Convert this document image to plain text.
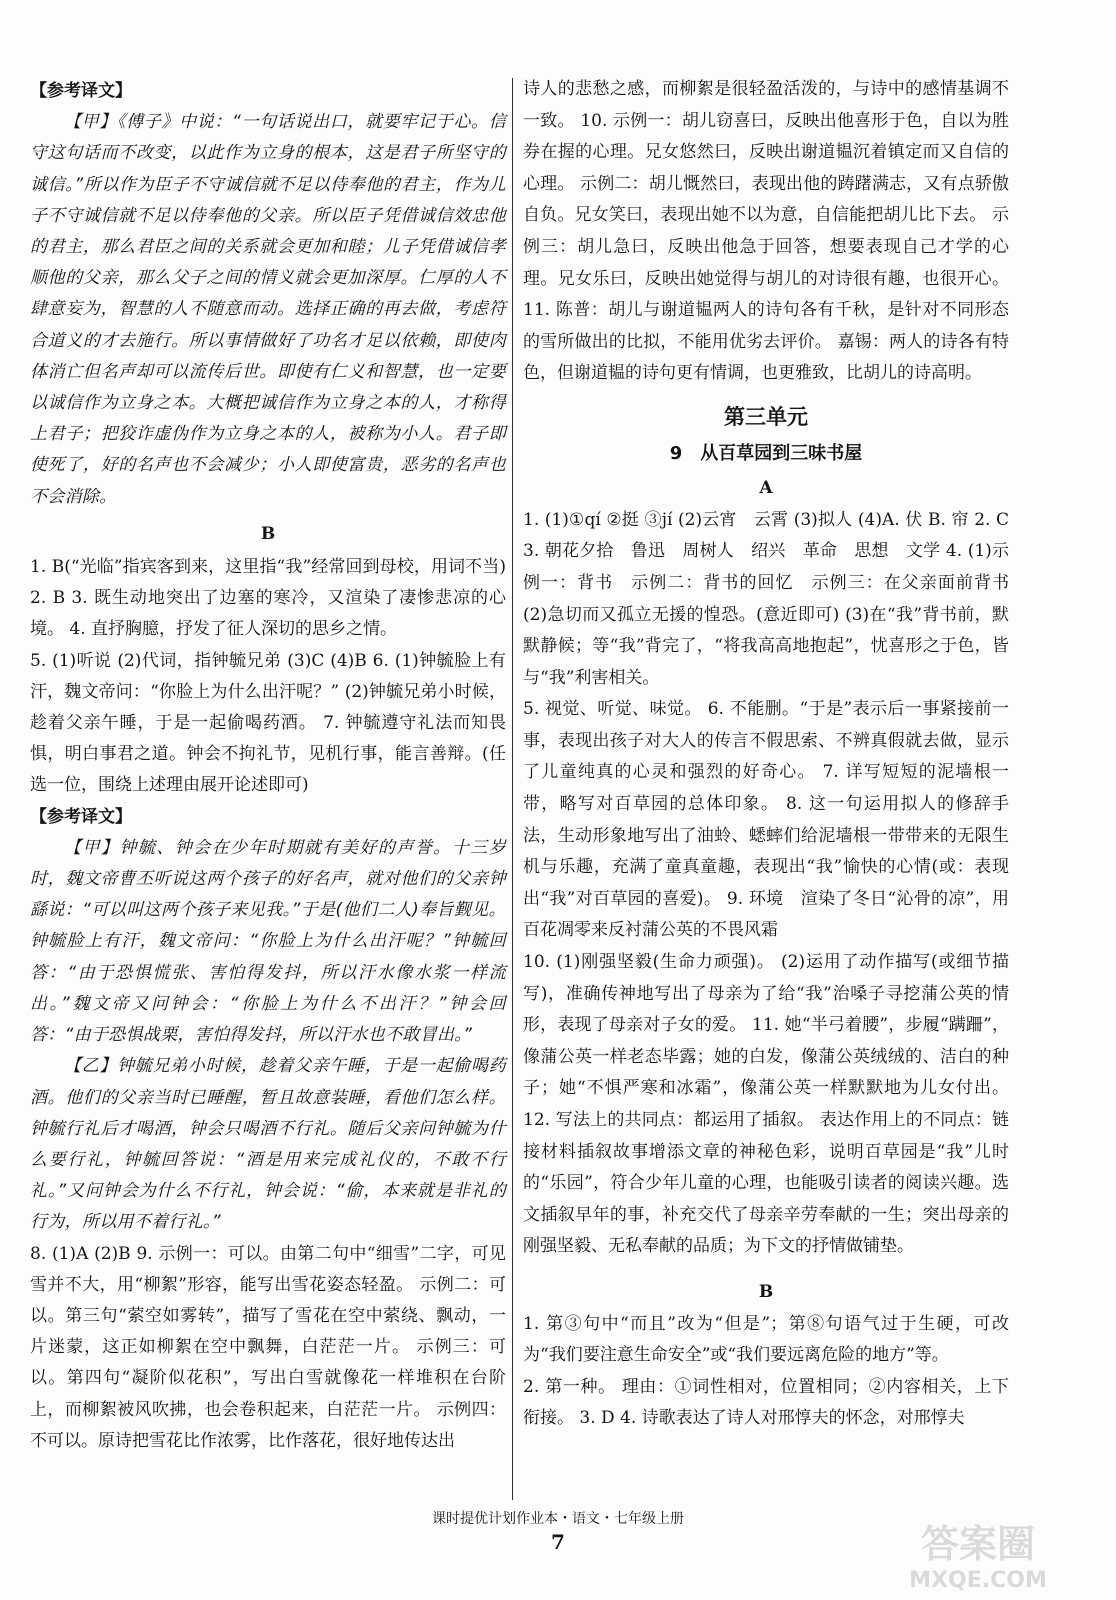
【参考译文】

【甲】《傅子》中说：“一句话说出口，就要牢记于心。信守这句话而不改变，以此作为立身的根本，这是君子所坚守的诚信。”所以作为臣子不守诚信就不足以侍奉他的君主，作为儿子不守诚信就不足以侍奉他的父亲。所以臣子凭借诚信效忠他的君主，那么君臣之间的关系就会更加和睦；儿子凭借诚信孝顺他的父亲，那么父子之间的情义就会更加深厚。仁厚的人不肆意妄为，智慧的人不随意而动。选择正确的再去做，考虑符合道义的才去施行。所以事情做好了功名才足以依赖，即使肉体消亡但名声却可以流传后世。即使有仁义和智慧，也一定要以诚信作为立身之本。大概把诚信作为立身之本的人，才称得上君子；把狡诈虚伪作为立身之本的人，被称为小人。君子即使死了，好的名声也不会减少；小人即使富贵，恶劣的名声也不会消除。

B

1. B(“光临”指宾客到来，这里指“我”经常回到母校，用词不当) 2. B 3. 既生动地突出了边塞的寒冷，又渲染了凄惨悲凉的心境。 4. 直抒胸臆，抒发了征人深切的思乡之情。

5. (1)听说 (2)代词，指钟毓兄弟 (3)C (4)B 6. (1)钟毓脸上有汗，魏文帝问：“你脸上为什么出汗呢？” (2)钟毓兄弟小时候，趁着父亲午睡，于是一起偷喝药酒。 7. 钟毓遵守礼法而知畏惧，明白事君之道。钟会不拘礼节，见机行事，能言善辩。(任选一位，围绕上述理由展开论述即可)

【参考译文】

【甲】钟毓、钟会在少年时期就有美好的声誉。十三岁时，魏文帝曹丕听说这两个孩子的好名声，就对他们的父亲钟繇说：“可以叫这两个孩子来见我。”于是(他们二人)奉旨觐见。钟毓脸上有汗，魏文帝问：“你脸上为什么出汗呢？”钟毓回答：“由于恐惧慌张、害怕得发抖，所以汗水像水浆一样流出。”魏文帝又问钟会：“你脸上为什么不出汗？”钟会回答：“由于恐惧战栗，害怕得发抖，所以汗水也不敢冒出。”

【乙】钟毓兄弟小时候，趁着父亲午睡，于是一起偷喝药酒。他们的父亲当时已睡醒，暂且故意装睡，看他们怎么样。钟毓行礼后才喝酒，钟会只喝酒不行礼。随后父亲问钟毓为什么要行礼，钟毓回答说：“酒是用来完成礼仪的，不敢不行礼。”又问钟会为什么不行礼，钟会说：“偷，本来就是非礼的行为，所以用不着行礼。”

8. (1)A (2)B 9. 示例一：可以。由第二句中“细雪”二字，可见雪并不大，用“柳絮”形容，能写出雪花姿态轻盈。 示例二：可以。第三句“萦空如雾转”，描写了雪花在空中萦绕、飘动，一片迷蒙，这正如柳絮在空中飘舞，白茫茫一片。 示例三：可以。第四句“凝阶似花积”，写出白雪就像花一样堆积在台阶上，而柳絮被风吹拂，也会卷积起来，白茫茫一片。 示例四：不可以。原诗把雪花比作浓雾，比作落花，很好地传达出

诗人的悲愁之感，而柳絮是很轻盈活泼的，与诗中的感情基调不一致。 10. 示例一：胡儿窃喜曰，反映出他喜形于色，自以为胜券在握的心理。兄女悠然曰，反映出谢道韫沉着镇定而又自信的心理。 示例二：胡儿慨然曰，表现出他的踌躇满志，又有点骄傲自负。兄女笑曰，表现出她不以为意，自信能把胡儿比下去。 示例三：胡儿急曰，反映出他急于回答，想要表现自己才学的心理。兄女乐曰，反映出她觉得与胡儿的对诗很有趣，也很开心。 11. 陈普：胡儿与谢道韫两人的诗句各有千秋，是针对不同形态的雪所做出的比拟，不能用优劣去评价。 嘉锡：两人的诗各有特色，但谢道韫的诗句更有情调，也更雅致，比胡儿的诗高明。

第三单元
9　从百草园到三味书屋

A

1. (1)①qí ②挺 ③jí (2)云宵　云霄 (3)拟人 (4)A. 伏 B. 帘 2. C 3. 朝花夕拾　鲁迅　周树人　绍兴　革命　思想　文学 4. (1)示例一：背书　示例二：背书的回忆　示例三：在父亲面前背书 (2)急切而又孤立无援的惶恐。(意近即可) (3)在“我”背书前，默默静候；等“我”背完了，“将我高高地抱起”，忧喜形之于色，皆与“我”利害相关。

5. 视觉、听觉、味觉。 6. 不能删。“于是”表示后一事紧接前一事，表现出孩子对大人的传言不假思索、不辨真假就去做，显示了儿童纯真的心灵和强烈的好奇心。 7. 详写短短的泥墙根一带，略写对百草园的总体印象。 8. 这一句运用拟人的修辞手法，生动形象地写出了油蛉、蟋蟀们给泥墙根一带带来的无限生机与乐趣，充满了童真童趣，表现出“我”愉快的心情(或：表现出“我”对百草园的喜爱)。 9. 环境　渲染了冬日“沁骨的凉”，用百花凋零来反衬蒲公英的不畏风霜

10. (1)刚强坚毅(生命力顽强)。 (2)运用了动作描写(或细节描写)，准确传神地写出了母亲为了给“我”治嗓子寻挖蒲公英的情形，表现了母亲对子女的爱。 11. 她“半弓着腰”，步履“蹒跚”，像蒲公英一样老态毕露；她的白发，像蒲公英绒绒的、洁白的种子；她“不惧严寒和冰霜”，像蒲公英一样默默地为儿女付出。 12. 写法上的共同点：都运用了插叙。 表达作用上的不同点：链接材料插叙故事增添文章的神秘色彩，说明百草园是“我”儿时的“乐园”，符合少年儿童的心理，也能吸引读者的阅读兴趣。选文插叙早年的事，补充交代了母亲辛劳奉献的一生；突出母亲的刚强坚毅、无私奉献的品质；为下文的抒情做铺垫。

B

1. 第③句中“而且”改为“但是”；第⑧句语气过于生硬，可改为“我们要注意生命安全”或“我们要远离危险的地方”等。

2. 第一种。 理由：①词性相对，位置相同；②内容相关，上下衔接。 3. D 4. 诗歌表达了诗人对邢惇夫的怀念，对邢惇夫

课时提优计划作业本・语文・七年级上册
7	答案圈
MXQE.COM
